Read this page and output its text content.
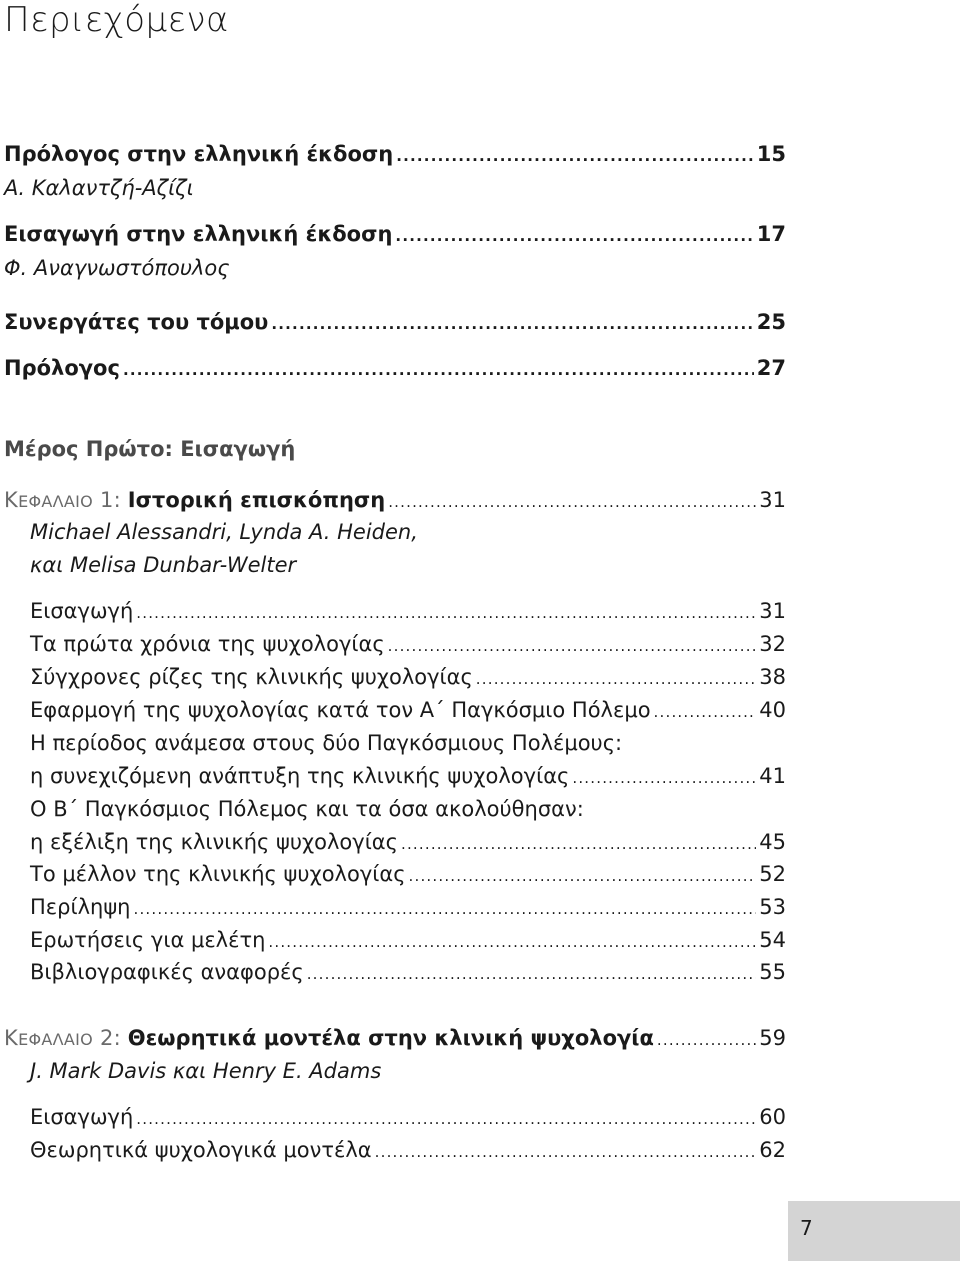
Περιεχόμενα
Πρόλογος στην ελληνική έκδοση .....	15
Α. Καλαντζή-Αζίζι
Εισαγωγή στην ελληνική έκδοση .....	17
Φ. Αναγνωστόπουλος
Συνεργάτες του τόμου .....	25
Πρόλογος .....	27
Μέρος Πρώτο: Εισαγωγή
ΚΕΦΑΛΑΙΟ 1: Ιστορική επισκόπηση .....	31
Michael Alessandri, Lynda A. Heiden,
και Melisa Dunbar-Welter
Εισαγωγή .....	31
Τα πρώτα χρόνια της ψυχολογίας .....	32
Σύγχρονες ρίζες της κλινικής ψυχολογίας .....	38
Εφαρμογή της ψυχολογίας κατά τον Α΄ Παγκόσμιο Πόλεμο .....	40
Η περίοδος ανάμεσα στους δύο Παγκόσμιους Πολέμους:
η συνεχιζόμενη ανάπτυξη της κλινικής ψυχολογίας .....	41
Ο Β΄ Παγκόσμιος Πόλεμος και τα όσα ακολούθησαν:
η εξέλιξη της κλινικής ψυχολογίας .....	45
Το μέλλον της κλινικής ψυχολογίας .....	52
Περίληψη .....	53
Ερωτήσεις για μελέτη .....	54
Βιβλιογραφικές αναφορές .....	55
ΚΕΦΑΛΑΙΟ 2: Θεωρητικά μοντέλα στην κλινική ψυχολογία .....	59
J. Mark Davis και Henry E. Adams
Εισαγωγή .....	60
Θεωρητικά ψυχολογικά μοντέλα .....	62
7
